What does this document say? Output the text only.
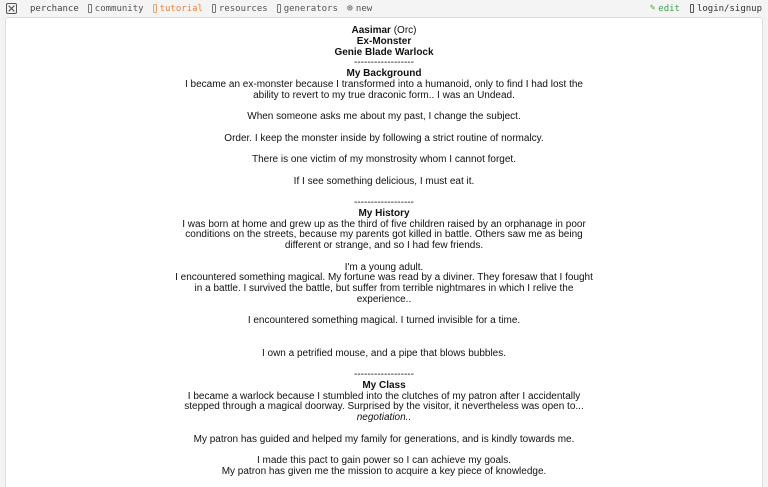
perchance community tutorial resources generators ⊕ new	✎ edit login/signup
Aasimar (Orc)
Ex-Monster
Genie Blade Warlock
------------------
My Background
I became an ex-monster because I transformed into a humanoid, only to find I had lost the
ability to revert to my true draconic form.. I was an Undead.

When someone asks me about my past, I change the subject.

Order. I keep the monster inside by following a strict routine of normalcy.

There is one victim of my monstrosity whom I cannot forget.

If I see something delicious, I must eat it.

------------------
My History
I was born at home and grew up as the third of five children raised by an orphanage in poor
conditions on the streets, because my parents got killed in battle. Others saw me as being
different or strange, and so I had few friends.

I'm a young adult.
I encountered something magical. My fortune was read by a diviner. They foresaw that I fought
in a battle. I survived the battle, but suffer from terrible nightmares in which I relive the
experience..

I encountered something magical. I turned invisible for a time.

I own a petrified mouse, and a pipe that blows bubbles.

------------------
My Class
I became a warlock because I stumbled into the clutches of my patron after I accidentally
stepped through a magical doorway. Surprised by the visitor, it nevertheless was open to...
negotiation..

My patron has guided and helped my family for generations, and is kindly towards me.

I made this pact to gain power so I can achieve my goals.
My patron has given me the mission to acquire a key piece of knowledge.
